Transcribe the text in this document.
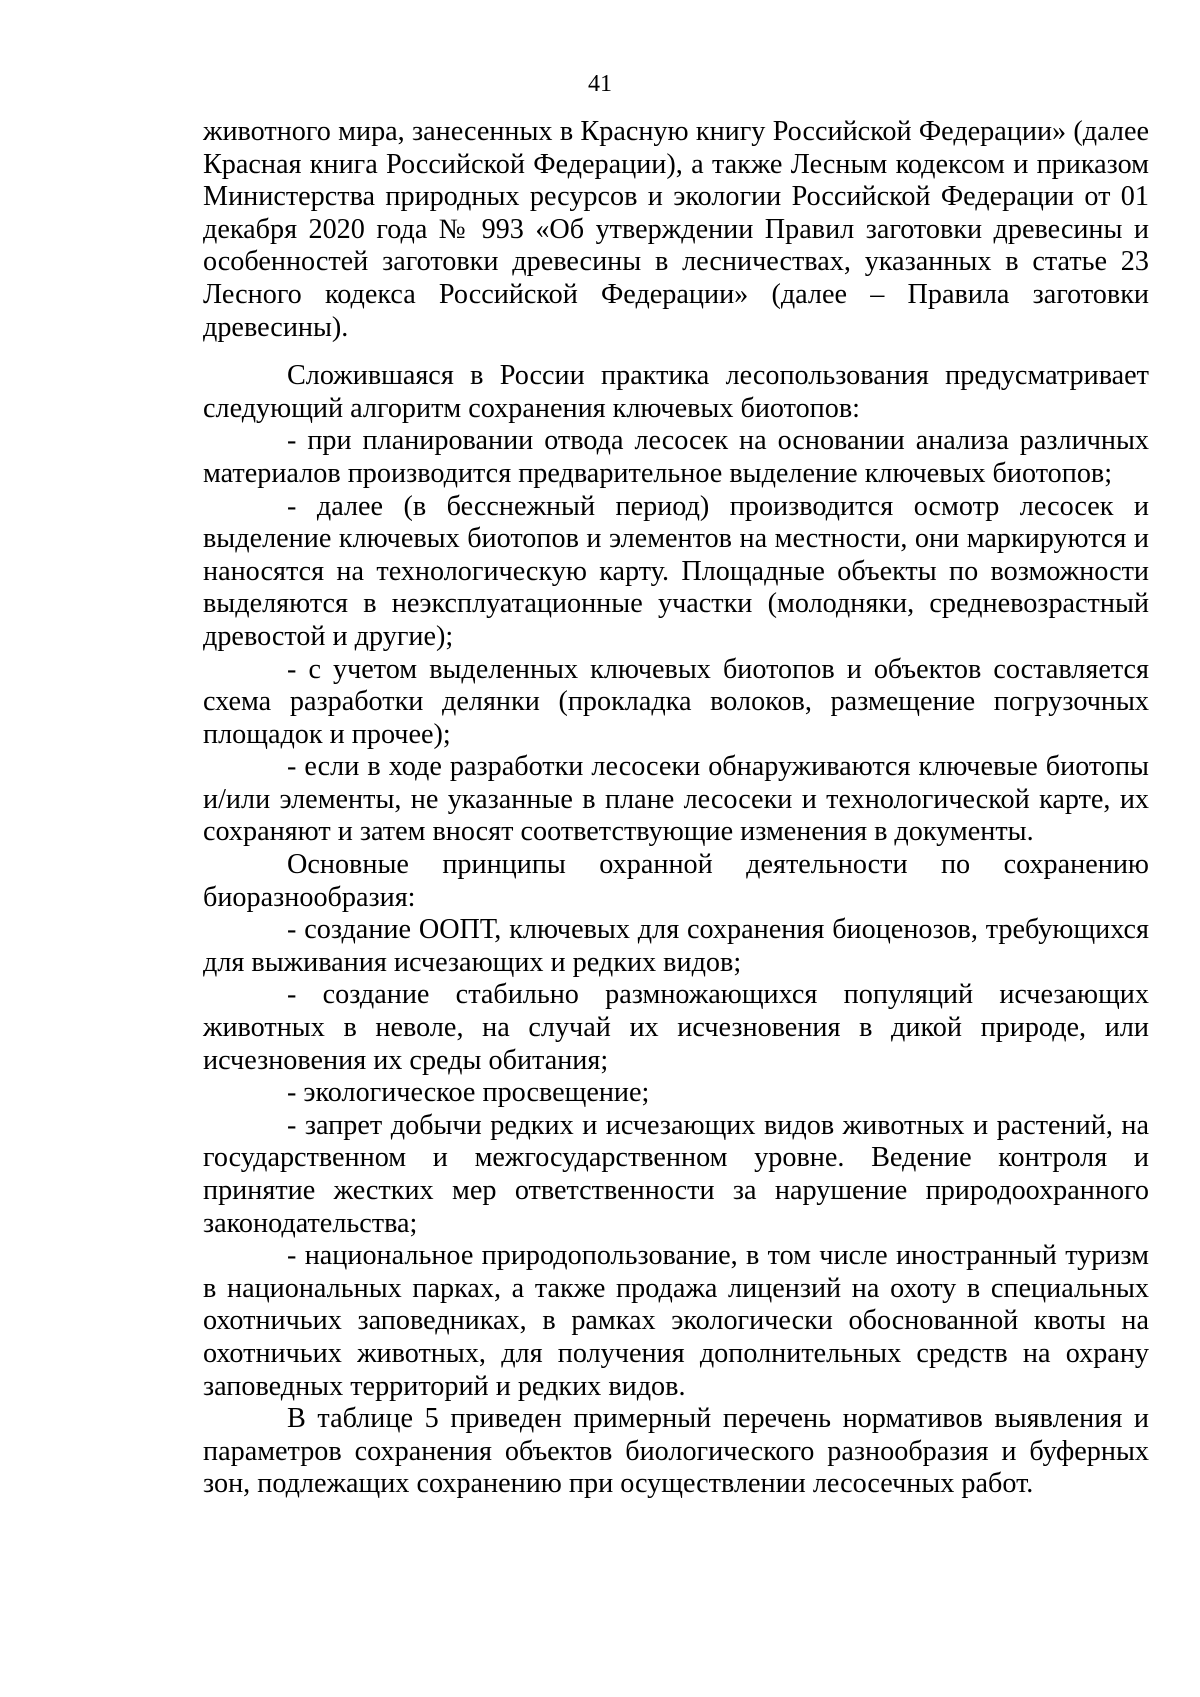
41

животного мира, занесенных в Красную книгу Российской Федерации» (далее Красная книга Российской Федерации), а также Лесным кодексом и приказом Министерства природных ресурсов и экологии Российской Федерации от 01 декабря 2020 года № 993 «Об утверждении Правил заготовки древесины и особенностей заготовки древесины в лесничествах, указанных в статье 23 Лесного кодекса Российской Федерации» (далее – Правила заготовки древесины).

Сложившаяся в России практика лесопользования предусматривает следующий алгоритм сохранения ключевых биотопов:

- при планировании отвода лесосек на основании анализа различных материалов производится предварительное выделение ключевых биотопов;

- далее (в бесснежный период) производится осмотр лесосек и выделение ключевых биотопов и элементов на местности, они маркируются и наносятся на технологическую карту. Площадные объекты по возможности выделяются в неэксплуатационные участки (молодняки, средневозрастный древостой и другие);

- с учетом выделенных ключевых биотопов и объектов составляется схема разработки делянки (прокладка волоков, размещение погрузочных площадок и прочее);

- если в ходе разработки лесосеки обнаруживаются ключевые биотопы и/или элементы, не указанные в плане лесосеки и технологической карте, их сохраняют и затем вносят соответствующие изменения в документы.

Основные принципы охранной деятельности по сохранению биоразнообразия:

- создание ООПТ, ключевых для сохранения биоценозов, требующихся для выживания исчезающих и редких видов;

- создание стабильно размножающихся популяций исчезающих животных в неволе, на случай их исчезновения в дикой природе, или исчезновения их среды обитания;

- экологическое просвещение;

- запрет добычи редких и исчезающих видов животных и растений, на государственном и межгосударственном уровне. Ведение контроля и принятие жестких мер ответственности за нарушение природоохранного законодательства;

- национальное природопользование, в том числе иностранный туризм в национальных парках, а также продажа лицензий на охоту в специальных охотничьих заповедниках, в рамках экологически обоснованной квоты на охотничьих животных, для получения дополнительных средств на охрану заповедных территорий и редких видов.

В таблице 5 приведен примерный перечень нормативов выявления и параметров сохранения объектов биологического разнообразия и буферных зон, подлежащих сохранению при осуществлении лесосечных работ.
